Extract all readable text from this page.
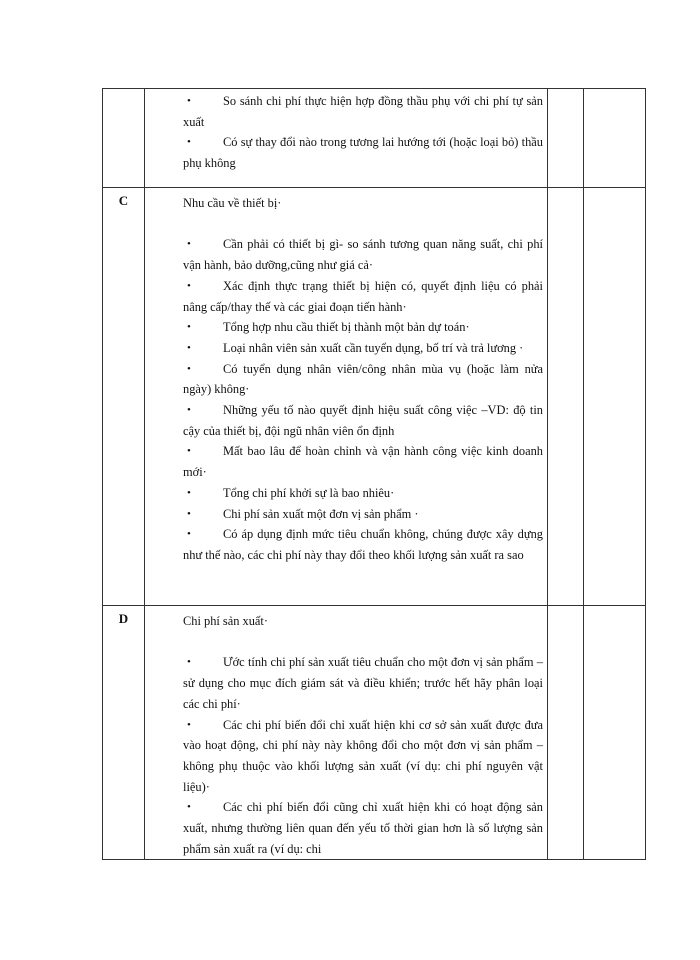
	• So sánh chi phí thực hiện hợp đồng thầu phụ với chi phí tự sản xuất
• Có sự thay đổi nào trong tương lai hướng tới (hoặc loại bỏ) thầu phụ không		

C	Nhu cầu về thiết bị·
•	Cần phải có thiết bị gì- so sánh tương quan năng suất, chi phí vận hành, bảo dưỡng,cũng như giá cả·
•	Xác định thực trạng thiết bị hiện có, quyết định liệu có phải nâng cấp/thay thế và các giai đoạn tiến hành·
•	Tổng hợp nhu cầu thiết bị thành một bản dự toán·
•	Loại nhân viên sản xuất cần tuyển dụng, bố trí và trả lương ·
•	Có tuyển dụng nhân viên/công nhân mùa vụ (hoặc làm nửa ngày) không·
•	Những yếu tố nào quyết định hiệu suất công việc –VD: độ tin cậy của thiết bị, đội ngũ nhân viên ổn định
•	Mất bao lâu để hoàn chỉnh và vận hành công việc kinh doanh mới·
•	Tổng chi phí khởi sự là bao nhiêu·
•	Chi phí sản xuất một đơn vị sản phẩm ·
•	Có áp dụng định mức tiêu chuẩn không, chúng được xây dựng như thế nào, các chi phí này thay đổi theo khối lượng sản xuất ra sao

D	Chi phí sản xuất·
•	Ước tính chi phí sản xuất tiêu chuẩn cho một đơn vị sản phẩm – sử dụng cho mục đích giám sát và điều khiển; trước hết hãy phân loại các chi phí·
•	Các chi phí biến đổi chỉ xuất hiện khi cơ sở sản xuất được đưa vào hoạt động, chi phí này này không đổi cho một đơn vị sản phẩm – không phụ thuộc vào khối lượng sản xuất (ví dụ: chi phí nguyên vật liệu)·
•	Các chi phí biến đổi cũng chỉ xuất hiện khi có hoạt động sản xuất, nhưng thường liên quan đến yếu tố thời gian hơn là số lượng sản phẩm sản xuất ra (ví dụ: chi
